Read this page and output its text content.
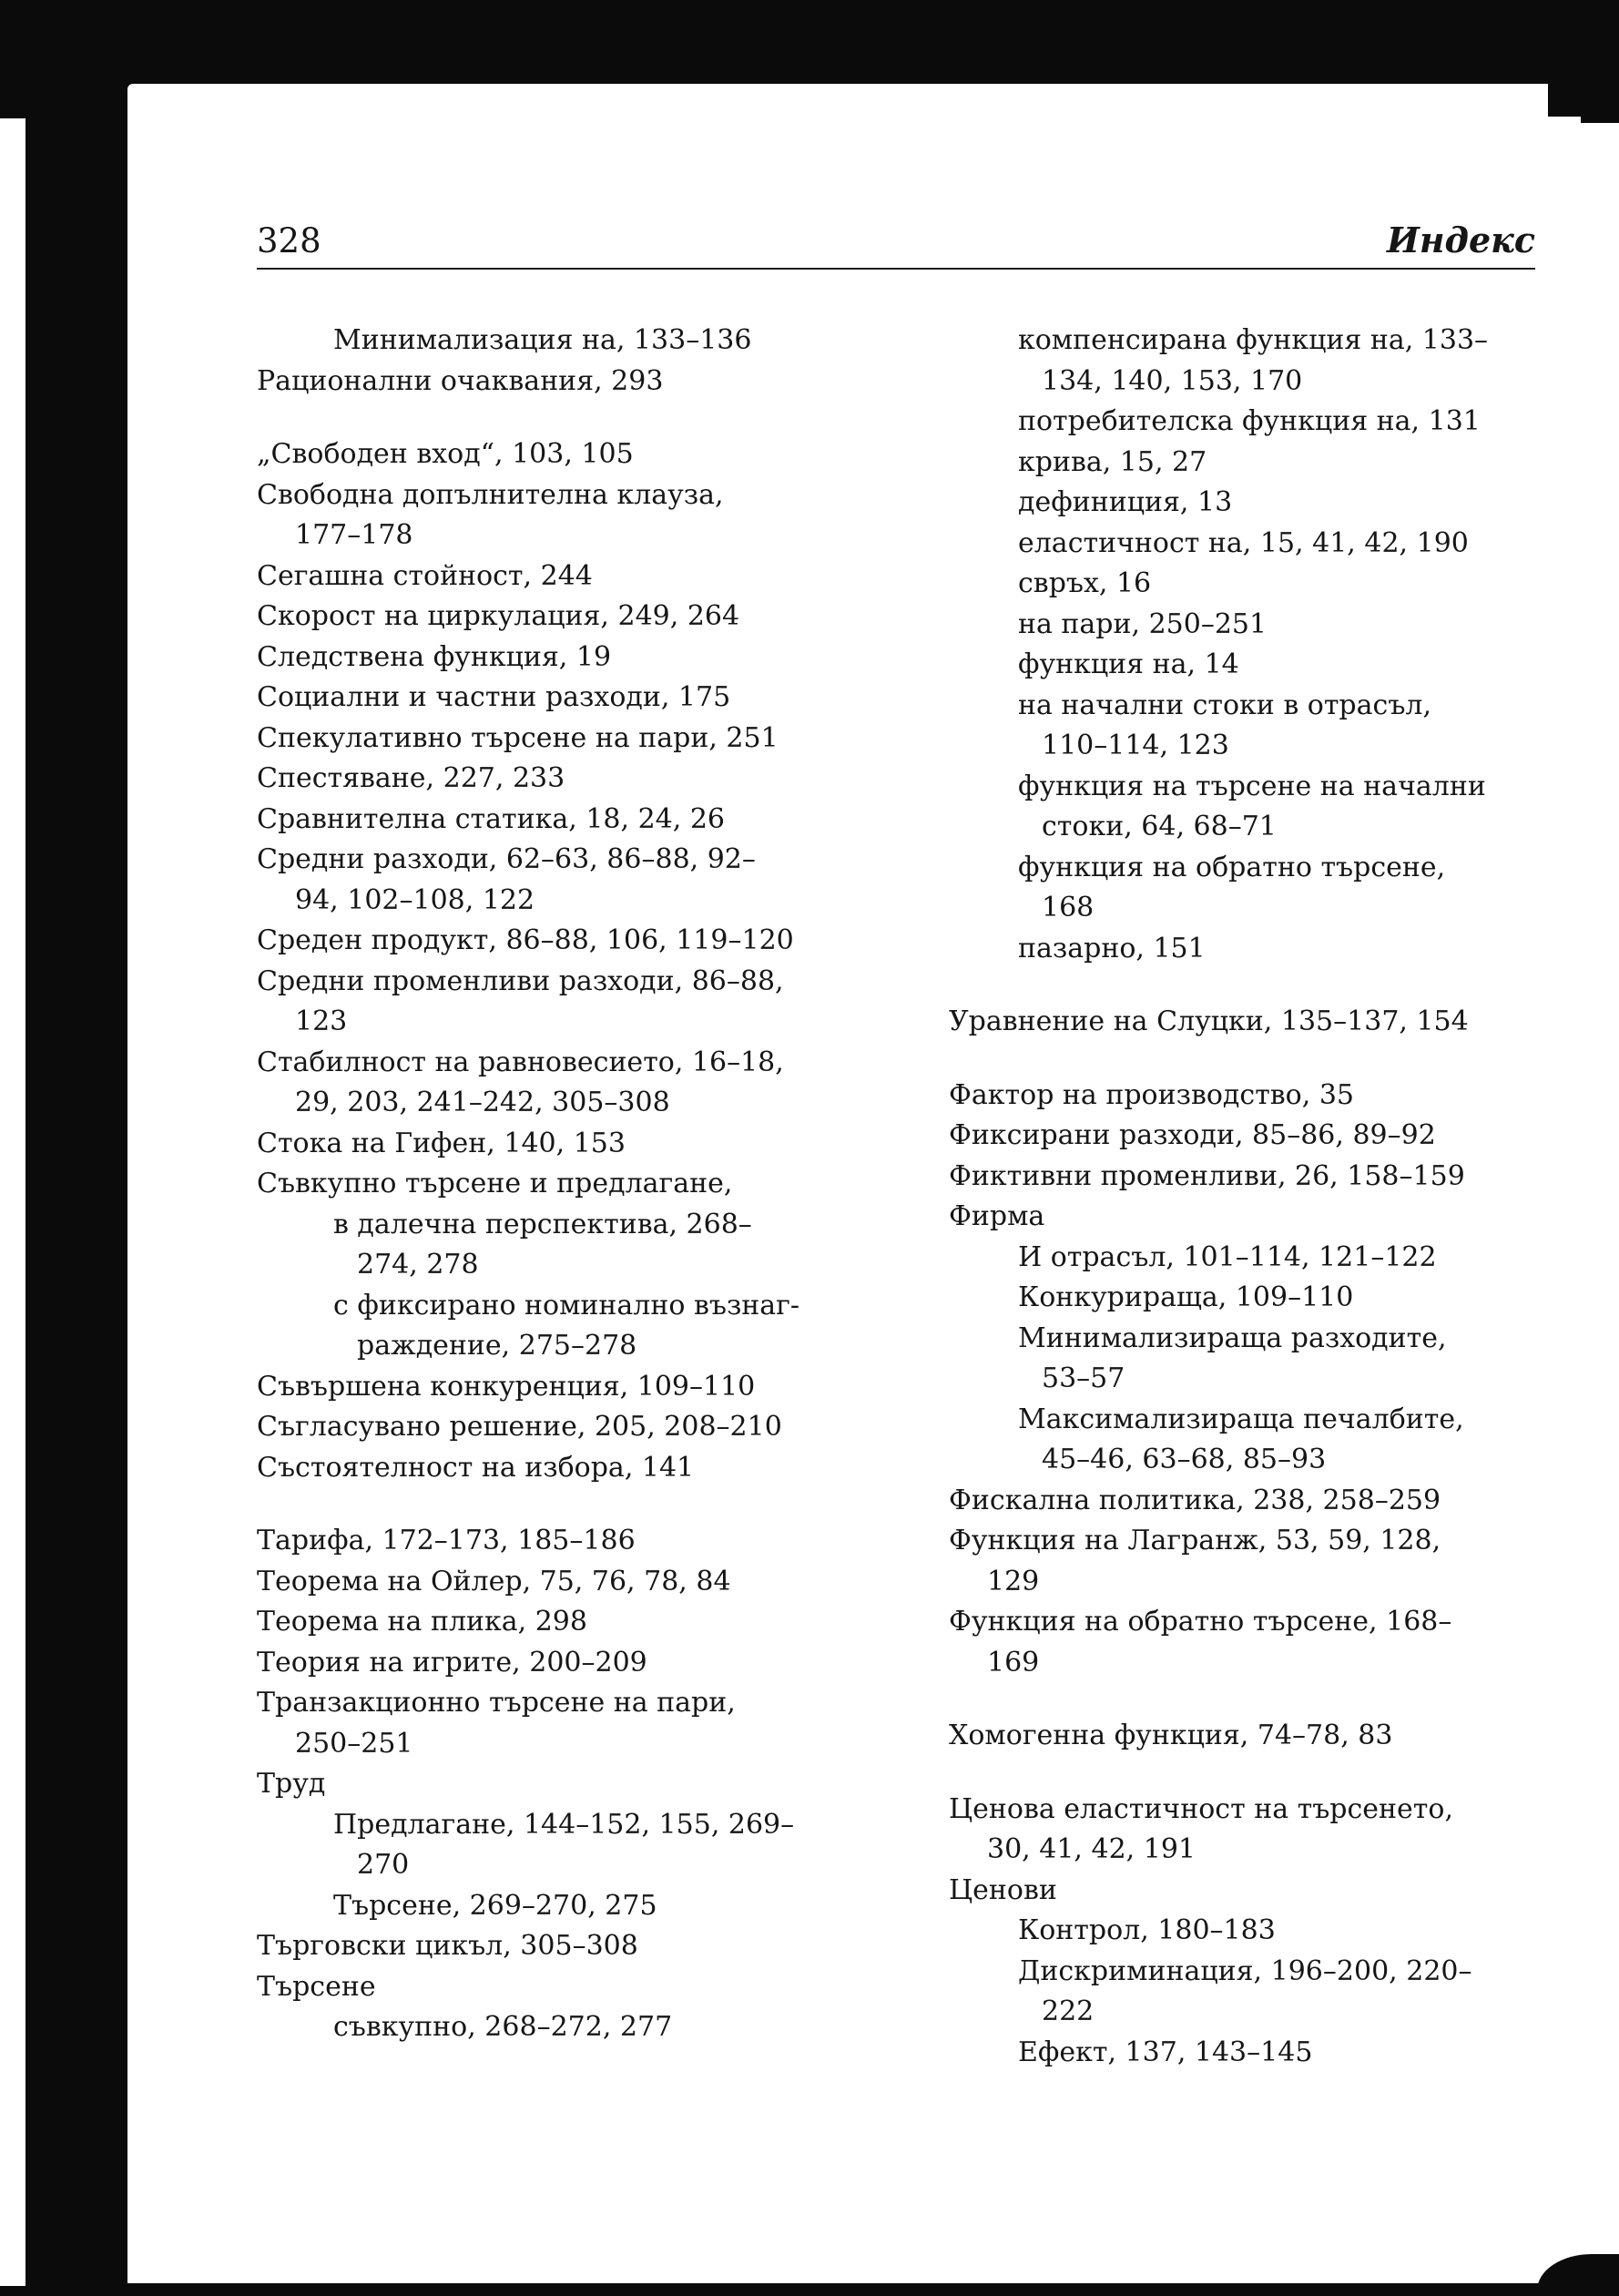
328	Индекс
Минимализация на, 133–136
Рационални очаквания, 293
„Свободен вход“, 103, 105
Свободна допълнителна клауза,
177–178
Сегашна стойност, 244
Скорост на циркулация, 249, 264
Следствена функция, 19
Социални и частни разходи, 175
Спекулативно търсене на пари, 251
Спестяване, 227, 233
Сравнителна статика, 18, 24, 26
Средни разходи, 62–63, 86–88, 92–
94, 102–108, 122
Среден продукт, 86–88, 106, 119–120
Средни променливи разходи, 86–88,
123
Стабилност на равновесието, 16–18,
29, 203, 241–242, 305–308
Стока на Гифен, 140, 153
Съвкупно търсене и предлагане,
в далечна перспектива, 268–
274, 278
с фиксирано номинално възнаг-
раждение, 275–278
Съвършена конкуренция, 109–110
Съгласувано решение, 205, 208–210
Състоятелност на избора, 141
Тарифа, 172–173, 185–186
Теорема на Ойлер, 75, 76, 78, 84
Теорема на плика, 298
Теория на игрите, 200–209
Транзакционно търсене на пари,
250–251
Труд
Предлагане, 144–152, 155, 269–
270
Търсене, 269–270, 275
Търговски цикъл, 305–308
Търсене
съвкупно, 268–272, 277
компенсирана функция на, 133–
134, 140, 153, 170
потребителска функция на, 131
крива, 15, 27
дефиниция, 13
еластичност на, 15, 41, 42, 190
свръх, 16
на пари, 250–251
функция на, 14
на начални стоки в отрасъл,
110–114, 123
функция на търсене на начални
стоки, 64, 68–71
функция на обратно търсене,
168
пазарно, 151
Уравнение на Слуцки, 135–137, 154
Фактор на производство, 35
Фиксирани разходи, 85–86, 89–92
Фиктивни променливи, 26, 158–159
Фирма
И отрасъл, 101–114, 121–122
Конкурираща, 109–110
Минимализираща разходите,
53–57
Максимализираща печалбите,
45–46, 63–68, 85–93
Фискална политика, 238, 258–259
Функция на Лагранж, 53, 59, 128,
129
Функция на обратно търсене, 168–
169
Хомогенна функция, 74–78, 83
Ценова еластичност на търсенето,
30, 41, 42, 191
Ценови
Контрол, 180–183
Дискриминация, 196–200, 220–
222
Ефект, 137, 143–145
